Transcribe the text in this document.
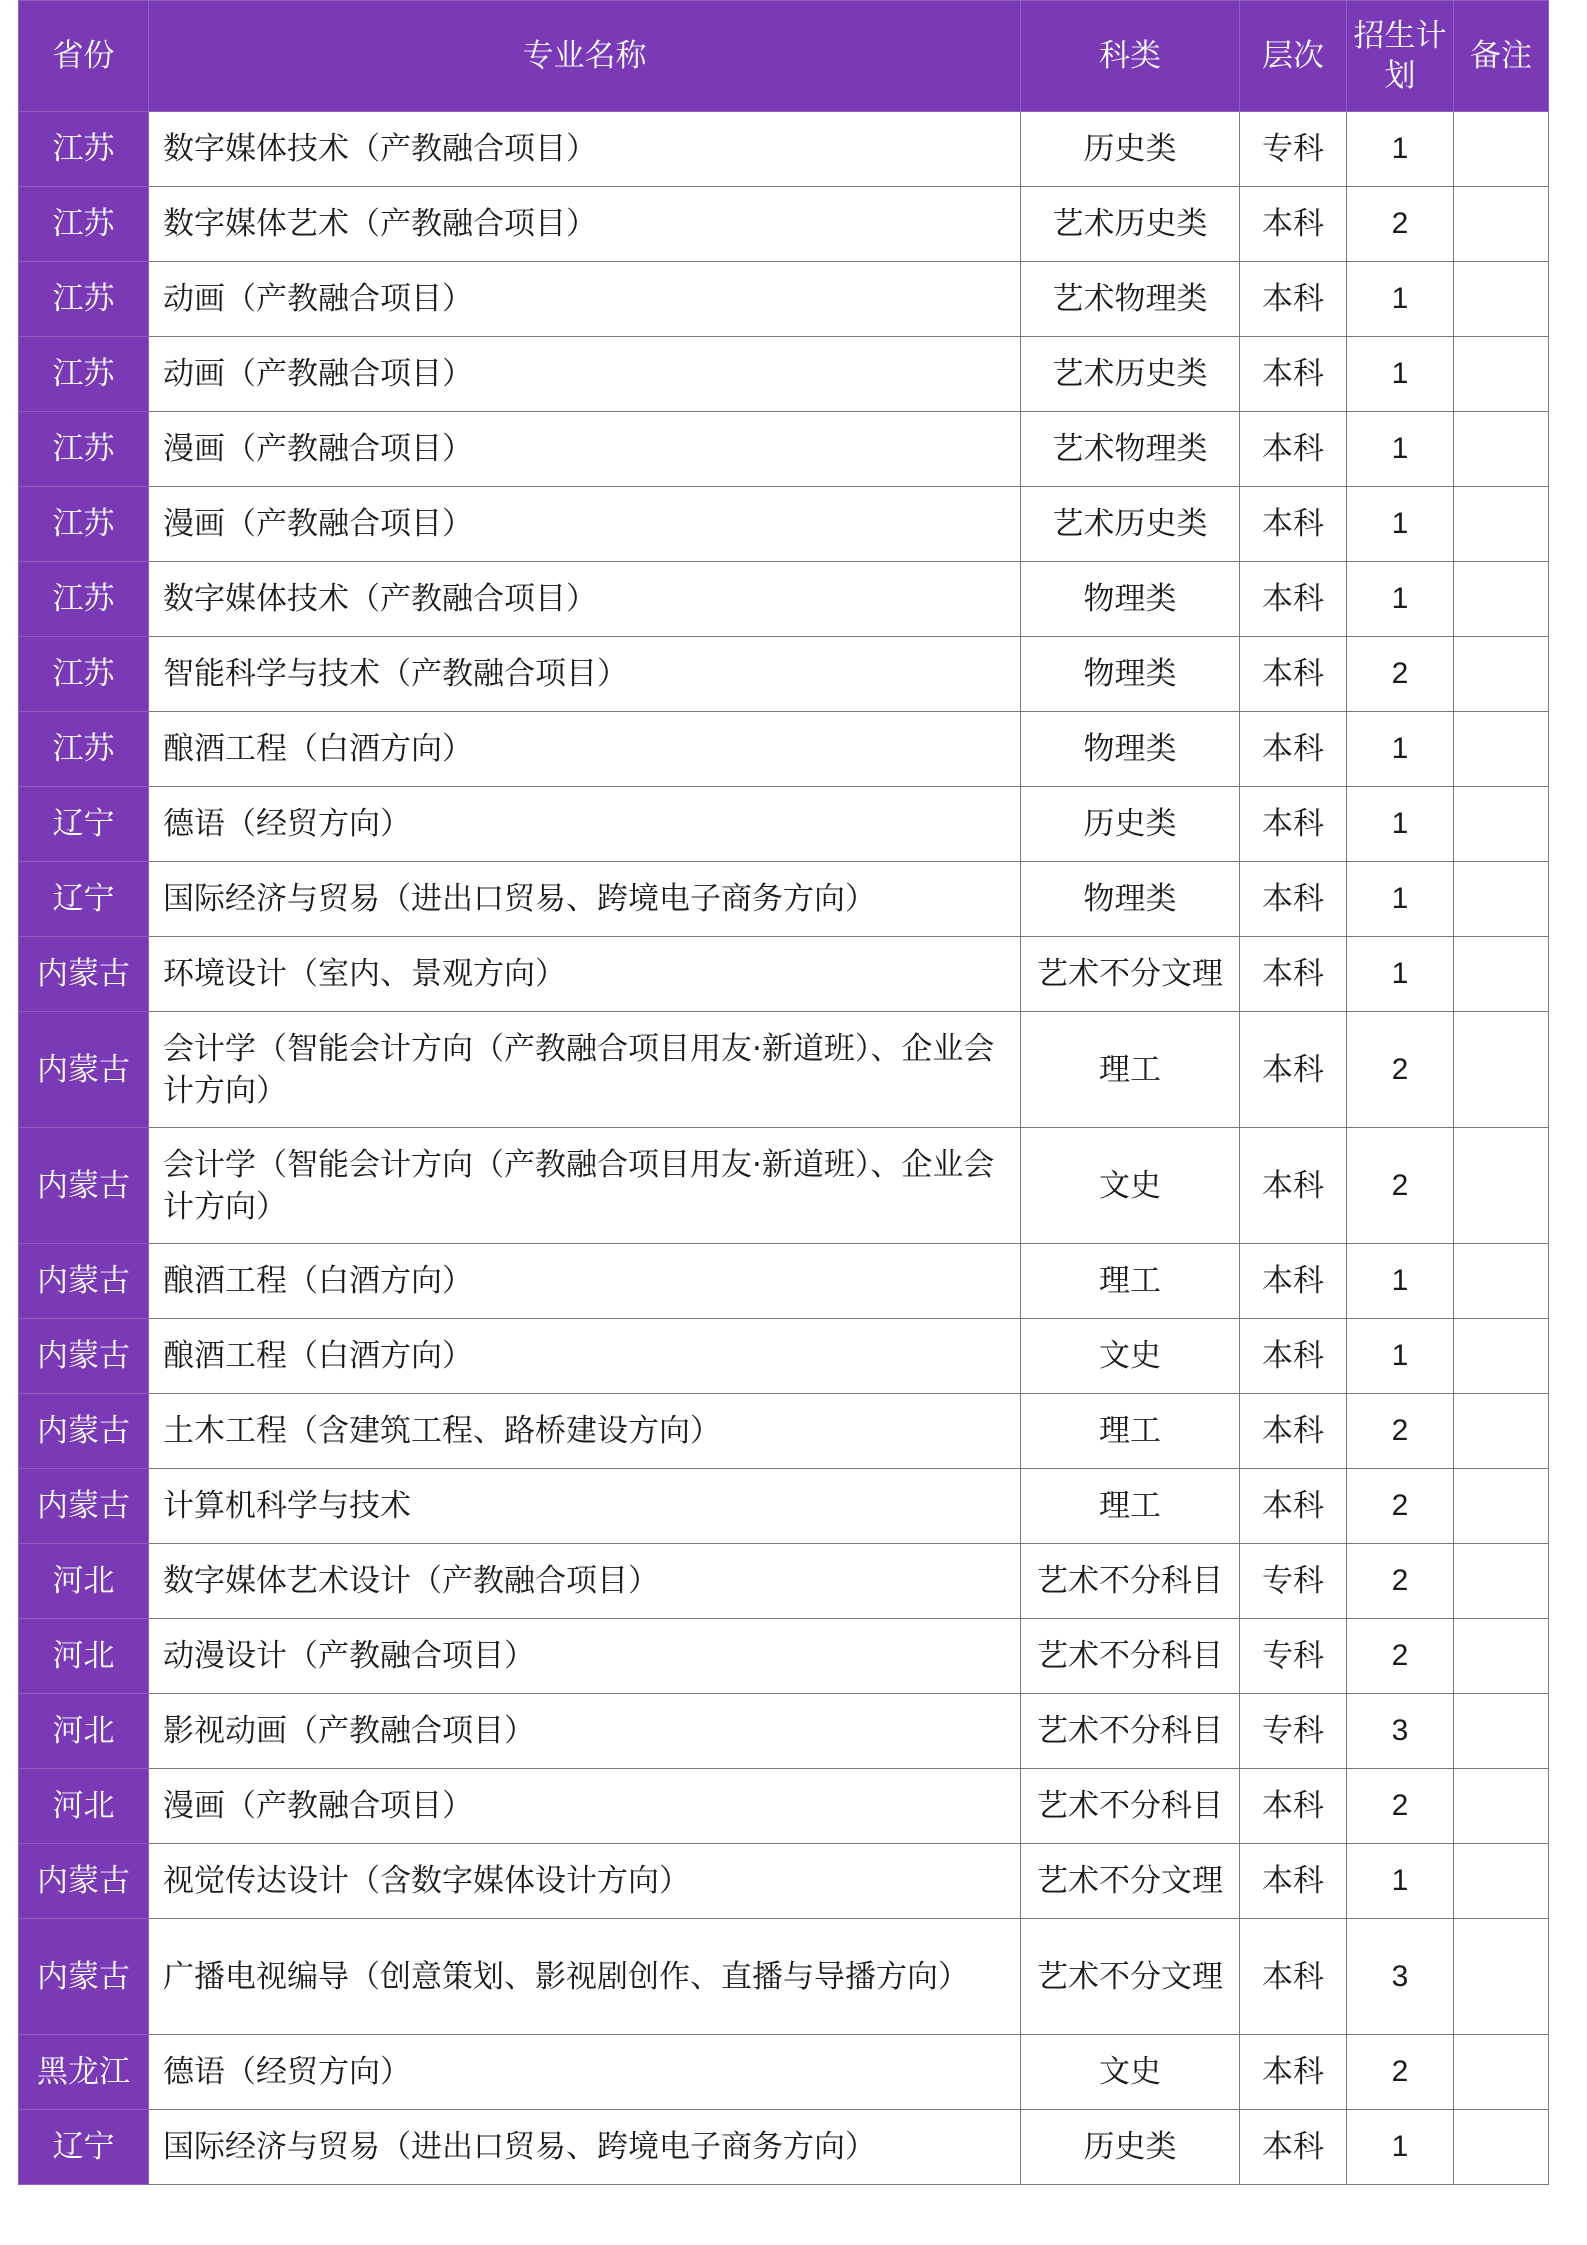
省份	专业名称	科类	层次	招生计划	备注
江苏	数字媒体技术（产教融合项目）	历史类	专科	1	
江苏	数字媒体艺术（产教融合项目）	艺术历史类	本科	2	
江苏	动画（产教融合项目）	艺术物理类	本科	1	
江苏	动画（产教融合项目）	艺术历史类	本科	1	
江苏	漫画（产教融合项目）	艺术物理类	本科	1	
江苏	漫画（产教融合项目）	艺术历史类	本科	1	
江苏	数字媒体技术（产教融合项目）	物理类	本科	1	
江苏	智能科学与技术（产教融合项目）	物理类	本科	2	
江苏	酿酒工程（白酒方向）	物理类	本科	1	
辽宁	德语（经贸方向）	历史类	本科	1	
辽宁	国际经济与贸易（进出口贸易、跨境电子商务方向）	物理类	本科	1	
内蒙古	环境设计（室内、景观方向）	艺术不分文理	本科	1	
内蒙古	会计学（智能会计方向（产教融合项目用友·新道班）、企业会计方向）	理工	本科	2	
内蒙古	会计学（智能会计方向（产教融合项目用友·新道班）、企业会计方向）	文史	本科	2	
内蒙古	酿酒工程（白酒方向）	理工	本科	1	
内蒙古	酿酒工程（白酒方向）	文史	本科	1	
内蒙古	土木工程（含建筑工程、路桥建设方向）	理工	本科	2	
内蒙古	计算机科学与技术	理工	本科	2	
河北	数字媒体艺术设计（产教融合项目）	艺术不分科目	专科	2	
河北	动漫设计（产教融合项目）	艺术不分科目	专科	2	
河北	影视动画（产教融合项目）	艺术不分科目	专科	3	
河北	漫画（产教融合项目）	艺术不分科目	本科	2	
内蒙古	视觉传达设计（含数字媒体设计方向）	艺术不分文理	本科	1	
内蒙古	广播电视编导（创意策划、影视剧创作、直播与导播方向）	艺术不分文理	本科	3	
黑龙江	德语（经贸方向）	文史	本科	2	
辽宁	国际经济与贸易（进出口贸易、跨境电子商务方向）	历史类	本科	1	
